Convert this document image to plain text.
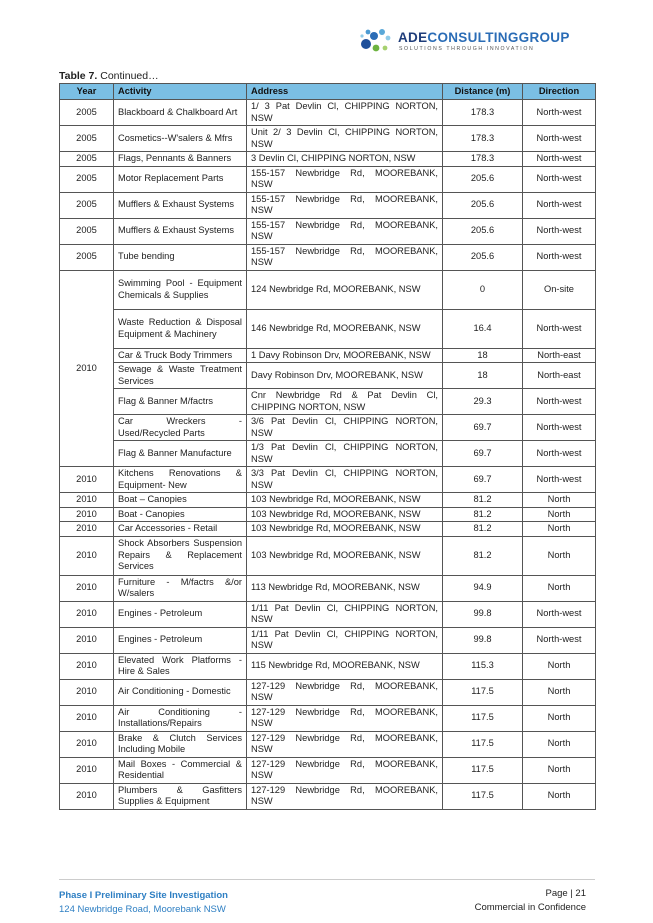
ADECONSULTINGGROUP
SOLUTIONS THROUGH INNOVATION
Table 7. Continued…
Year	Activity	Address	Distance (m)	Direction
2005	Blackboard & Chalkboard Art	1/ 3 Pat Devlin Cl, CHIPPING NORTON, NSW	178.3	North-west
2005	Cosmetics--W'salers & Mfrs	Unit 2/ 3 Devlin Cl, CHIPPING NORTON, NSW	178.3	North-west
2005	Flags, Pennants & Banners	3 Devlin Cl, CHIPPING NORTON, NSW	178.3	North-west
2005	Motor Replacement Parts	155-157 Newbridge Rd, MOOREBANK, NSW	205.6	North-west
2005	Mufflers & Exhaust Systems	155-157 Newbridge Rd, MOOREBANK, NSW	205.6	North-west
2005	Mufflers & Exhaust Systems	155-157 Newbridge Rd, MOOREBANK, NSW	205.6	North-west
2005	Tube bending	155-157 Newbridge Rd, MOOREBANK, NSW	205.6	North-west
2010	Swimming Pool - Equipment Chemicals & Supplies	124 Newbridge Rd, MOOREBANK, NSW	0	On-site
	Waste Reduction & Disposal Equipment & Machinery	146 Newbridge Rd, MOOREBANK, NSW	16.4	North-west
	Car & Truck Body Trimmers	1 Davy Robinson Drv, MOOREBANK, NSW	18	North-east
	Sewage & Waste Treatment Services	Davy Robinson Drv, MOOREBANK, NSW	18	North-east
	Flag & Banner M/factrs	Cnr Newbridge Rd & Pat Devlin Cl, CHIPPING NORTON, NSW	29.3	North-west
	Car Wreckers - Used/Recycled Parts	3/6 Pat Devlin Cl, CHIPPING NORTON, NSW	69.7	North-west
	Flag & Banner Manufacture	1/3 Pat Devlin Cl, CHIPPING NORTON, NSW	69.7	North-west
2010	Kitchens Renovations & Equipment- New	3/3 Pat Devlin Cl, CHIPPING NORTON, NSW	69.7	North-west
2010	Boat – Canopies	103 Newbridge Rd, MOOREBANK, NSW	81.2	North
2010	Boat - Canopies	103 Newbridge Rd, MOOREBANK, NSW	81.2	North
2010	Car Accessories - Retail	103 Newbridge Rd, MOOREBANK, NSW	81.2	North
2010	Shock Absorbers Suspension Repairs & Replacement Services	103 Newbridge Rd, MOOREBANK, NSW	81.2	North
2010	Furniture - M/factrs &/or W/salers	113 Newbridge Rd, MOOREBANK, NSW	94.9	North
2010	Engines - Petroleum	1/11 Pat Devlin Cl, CHIPPING NORTON, NSW	99.8	North-west
2010	Engines - Petroleum	1/11 Pat Devlin Cl, CHIPPING NORTON, NSW	99.8	North-west
2010	Elevated Work Platforms - Hire & Sales	115 Newbridge Rd, MOOREBANK, NSW	115.3	North
2010	Air Conditioning - Domestic	127-129 Newbridge Rd, MOOREBANK, NSW	117.5	North
2010	Air Conditioning - Installations/Repairs	127-129 Newbridge Rd, MOOREBANK, NSW	117.5	North
2010	Brake & Clutch Services Including Mobile	127-129 Newbridge Rd, MOOREBANK, NSW	117.5	North
2010	Mail Boxes - Commercial & Residential	127-129 Newbridge Rd, MOOREBANK, NSW	117.5	North
2010	Plumbers & Gasfitters Supplies & Equipment	127-129 Newbridge Rd, MOOREBANK, NSW	117.5	North
Phase I Preliminary Site Investigation
124 Newbridge Road, Moorebank NSW
Page | 21
Commercial in Confidence
